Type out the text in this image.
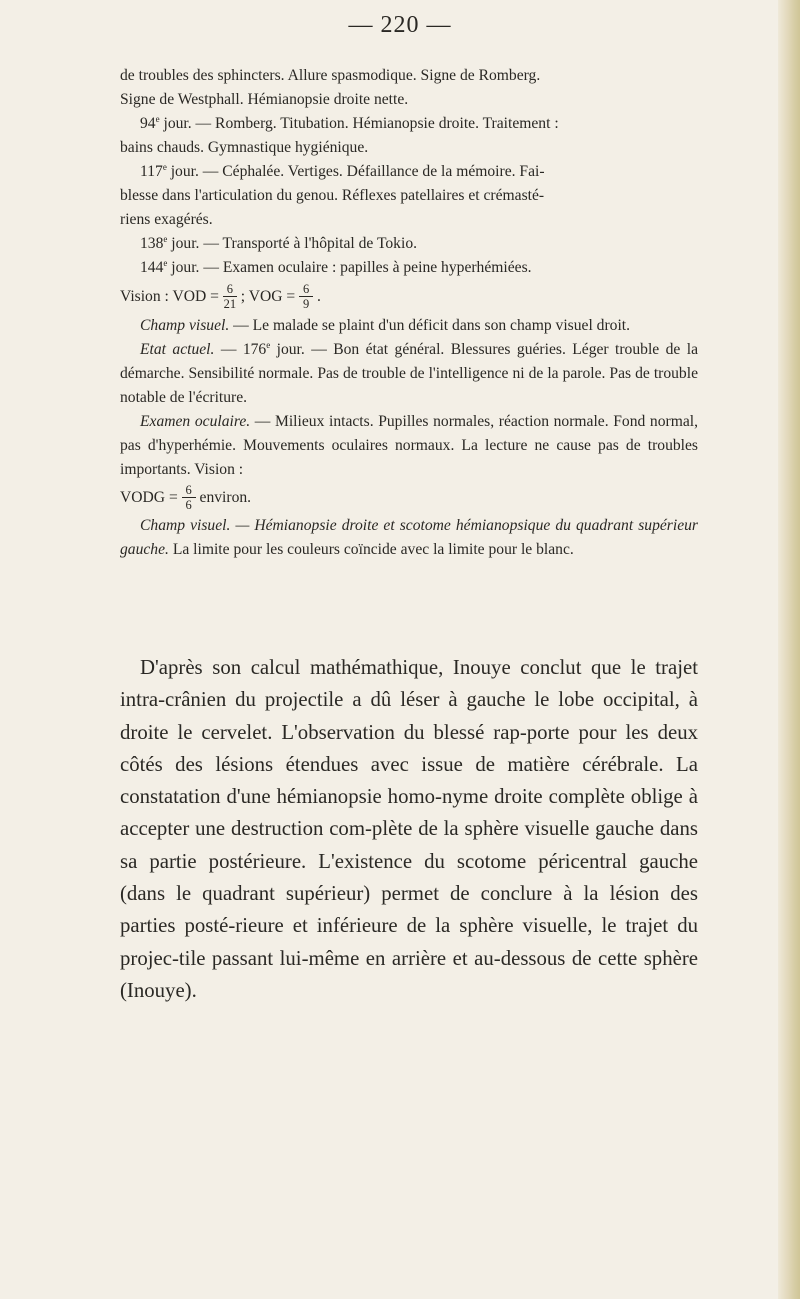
— 220 —

de troubles des sphincters. Allure spasmodique. Signe de Romberg.
Signe de Westphall. Hémianopsie droite nette.

94e jour. — Romberg. Titubation. Hémianopsie droite. Traitement :
bains chauds. Gymnastique hygiénique.

117e jour. — Céphalée. Vertiges. Défaillance de la mémoire. Fai-
blesse dans l'articulation du genou. Réflexes patellaires et crémasté-
riens exagérés.

138e jour. — Transporté à l'hôpital de Tokio.

144e jour. — Examen oculaire : papilles à peine hyperhémiées.

Vision : VOD = $\frac{6}{21}$ ; VOG = $\frac{6}{9}$ .

Champ visuel. — Le malade se plaint d'un déficit dans son champ visuel droit.

Etat actuel. — 176e jour. — Bon état général. Blessures guéries. Léger trouble de la démarche. Sensibilité normale. Pas de trouble de l'intelligence ni de la parole. Pas de trouble notable de l'écriture.

Examen oculaire. — Milieux intacts. Pupilles normales, réaction normale. Fond normal, pas d'hyperhémie. Mouvements oculaires normaux. La lecture ne cause pas de troubles importants. Vision :

VODG = $\frac{6}{6}$ environ.

Champ visuel. — Hémianopsie droite et scotome hémianopsique du quadrant supérieur gauche. La limite pour les couleurs coïncide avec la limite pour le blanc.

D'après son calcul mathémathique, Inouye conclut que le trajet intra-crânien du projectile a dû léser à gauche le lobe occipital, à droite le cervelet. L'observation du blessé rap-porte pour les deux côtés des lésions étendues avec issue de matière cérébrale. La constatation d'une hémianopsie homo-nyme droite complète oblige à accepter une destruction com-plète de la sphère visuelle gauche dans sa partie postérieure. L'existence du scotome péricentral gauche (dans le quadrant supérieur) permet de conclure à la lésion des parties posté-rieure et inférieure de la sphère visuelle, le trajet du projec-tile passant lui-même en arrière et au-dessous de cette sphère (Inouye).
